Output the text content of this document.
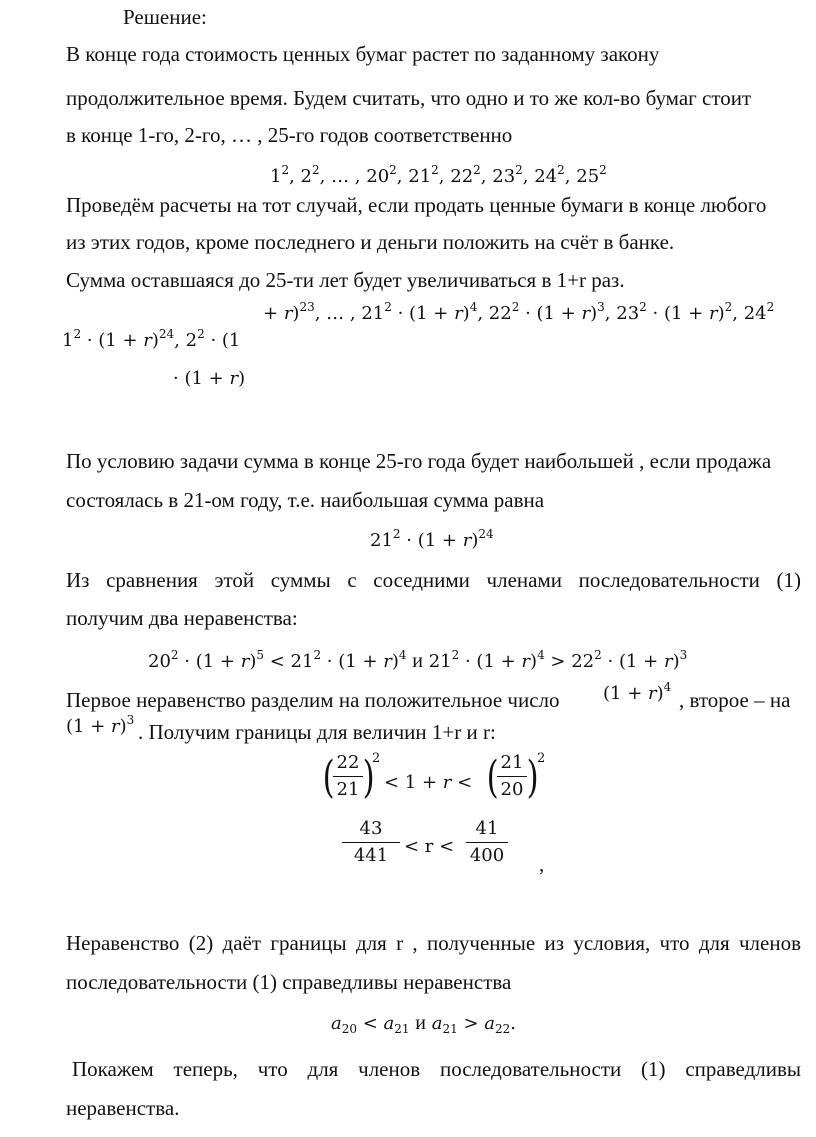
Решение:
В конце года стоимость ценных бумаг растет по заданному закону
продолжительное время. Будем считать, что одно и то же кол-во бумаг стоит
в конце 1-го, 2-го, … , 25-го годов соответственно
$1^2$, $2^2$, … , $20^2$, $21^2$, $22^2$, $23^2$, $24^2$, $25^2$
Проведём расчеты на тот случай, если продать ценные бумаги в конце любого
из этих годов, кроме последнего и деньги положить на счёт в банке.
Сумма оставшаяся до 25-ти лет будет увеличиваться в 1+r раз.
+ r)$^{23}$, … , $21^2 \cdot (1 + r)^4$, $22^2 \cdot (1 + r)^3$, $23^2 \cdot (1 + r)^2$, $24^2$
$1^2 \cdot (1 + r)^{24}$, $2^2 \cdot (1$
· (1 + r)
По условию задачи сумма в конце 25-го года будет наибольшей , если продажа
состоялась в 21-ом году, т.е. наибольшая сумма равна
$21^2 \cdot (1 + r)^{24}$
Из сравнения этой суммы с соседними членами последовательности (1)
получим два неравенства:
$20^2 \cdot (1 + r)^5 < 21^2 \cdot (1 + r)^4$ и $21^2 \cdot (1 + r)^4 > 22^2 \cdot (1 + r)^3$
Первое неравенство разделим на положительное число $(1 + r)^4$
, второе – на
$(1 + r)^3$ . Получим границы для величин 1+r и r:
( 22
21 )
2
< 1 + r < ( 21
20 )
2
43
441 < r <
41
400 ,
Неравенство (2) даёт границы для r , полученные из условия, что для членов
последовательности (1) справедливы неравенства
$a_{20} < a_{21}$ и $a_{21} > a_{22}$.
Покажем теперь, что для членов последовательности (1) справедливы
неравенства.
